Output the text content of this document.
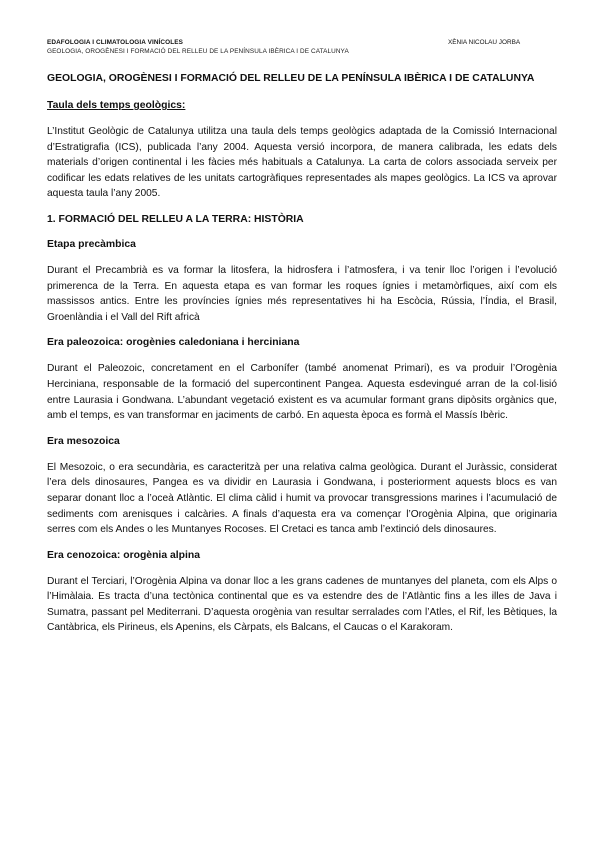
EDAFOLOGIA I CLIMATOLOGIA VINÍCOLES
GEOLOGIA, OROGÈNESI I FORMACIÓ DEL RELLEU DE LA PENÍNSULA IBÈRICA I DE CATALUNYA
XÈNIA NICOLAU JORBA
GEOLOGIA, OROGÈNESI I FORMACIÓ DEL RELLEU DE LA PENÍNSULA IBÈRICA I DE CATALUNYA
Taula dels temps geològics:

L’Institut Geològic de Catalunya utilitza una taula dels temps geològics adaptada de la Comissió Internacional d’Estratigrafia (ICS), publicada l’any 2004. Aquesta versió incorpora, de manera calibrada, les edats dels materials d’origen continental i les fàcies més habituals a Catalunya. La carta de colors associada serveix per codificar les edats relatives de les unitats cartogràfiques representades als mapes geològics. La ICS va aprovar aquesta taula l’any 2005.

1. FORMACIÓ DEL RELLEU A LA TERRA: HISTÒRIA
Etapa precàmbica

Durant el Precambrià es va formar la litosfera, la hidrosfera i l’atmosfera, i va tenir lloc l’origen i l’evolució primerenca de la Terra. En aquesta etapa es van formar les roques ígnies i metamòrfiques, així com els massissos antics. Entre les províncies ígnies més representatives hi ha Escòcia, Rússia, l’Índia, el Brasil, Groenlàndia i el Vall del Rift africà

Era paleozoica: orogènies caledoniana i herciniana

Durant el Paleozoic, concretament en el Carbonífer (també anomenat Primari), es va produir l’Orogènia Herciniana, responsable de la formació del supercontinent Pangea. Aquesta esdevingué arran de la col·lisió entre Laurasia i Gondwana. L’abundant vegetació existent es va acumular formant grans dipòsits orgànics que, amb el temps, es van transformar en jaciments de carbó. En aquesta època es formà el Massís Ibèric.

Era mesozoica

El Mesozoic, o era secundària, es caracteritzà per una relativa calma geològica. Durant el Juràssic, considerat l’era dels dinosaures, Pangea es va dividir en Laurasia i Gondwana, i posteriorment aquests blocs es van separar donant lloc a l’oceà Atlàntic. El clima càlid i humit va provocar transgressions marines i l’acumulació de sediments com arenisques i calcàries. A finals d’aquesta era va començar l’Orogènia Alpina, que originaria serres com els Andes o les Muntanyes Rocoses. El Cretaci es tanca amb l’extinció dels dinosaures.

Era cenozoica: orogènia alpina

Durant el Terciari, l’Orogènia Alpina va donar lloc a les grans cadenes de muntanyes del planeta, com els Alps o l’Himàlaia. Es tracta d’una tectònica continental que es va estendre des de l’Atlàntic fins a les illes de Java i Sumatra, passant pel Mediterrani. D’aquesta orogènia van resultar serralades com l’Atles, el Rif, les Bètiques, la Cantàbrica, els Pirineus, els Apenins, els Càrpats, els Balcans, el Caucas o el Karakoram.
